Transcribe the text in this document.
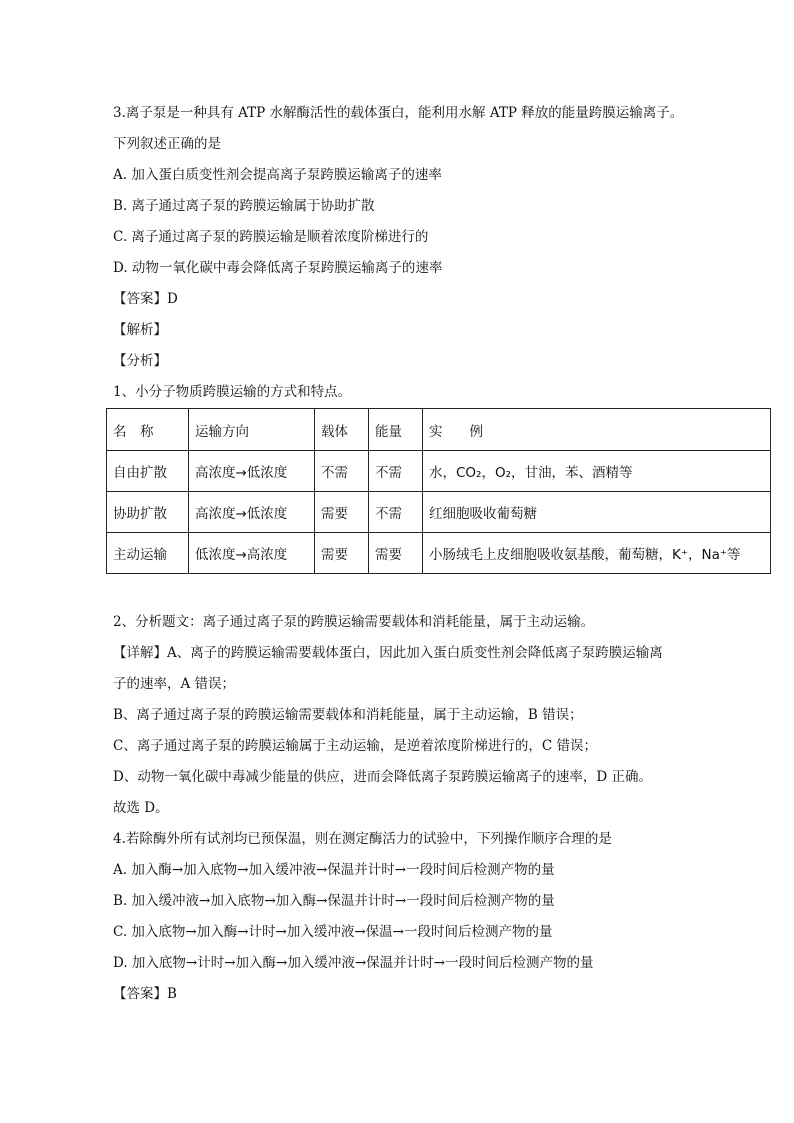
3.离子泵是一种具有 ATP 水解酶活性的载体蛋白，能利用水解 ATP 释放的能量跨膜运输离子。
下列叙述正确的是
A. 加入蛋白质变性剂会提高离子泵跨膜运输离子的速率
B. 离子通过离子泵的跨膜运输属于协助扩散
C. 离子通过离子泵的跨膜运输是顺着浓度阶梯进行的
D. 动物一氧化碳中毒会降低离子泵跨膜运输离子的速率
【答案】D
【解析】
【分析】
1、小分子物质跨膜运输的方式和特点。
名　称	运输方向	载体	能量	实　　例
自由扩散	高浓度→低浓度	不需	不需	水，CO₂，O₂，甘油，苯、酒精等
协助扩散	高浓度→低浓度	需要	不需	红细胞吸收葡萄糖
主动运输	低浓度→高浓度	需要	需要	小肠绒毛上皮细胞吸收氨基酸，葡萄糖，K⁺，Na⁺等
2、分析题文：离子通过离子泵的跨膜运输需要载体和消耗能量，属于主动运输。
【详解】A、离子的跨膜运输需要载体蛋白，因此加入蛋白质变性剂会降低离子泵跨膜运输离
子的速率，A 错误；
B、离子通过离子泵的跨膜运输需要载体和消耗能量，属于主动运输，B 错误；
C、离子通过离子泵的跨膜运输属于主动运输，是逆着浓度阶梯进行的，C 错误；
D、动物一氧化碳中毒减少能量的供应，进而会降低离子泵跨膜运输离子的速率，D 正确。
故选 D。
4.若除酶外所有试剂均已预保温，则在测定酶活力的试验中，下列操作顺序合理的是
A. 加入酶→加入底物→加入缓冲液→保温并计时→一段时间后检测产物的量
B. 加入缓冲液→加入底物→加入酶→保温并计时→一段时间后检测产物的量
C. 加入底物→加入酶→计时→加入缓冲液→保温→一段时间后检测产物的量
D. 加入底物→计时→加入酶→加入缓冲液→保温并计时→一段时间后检测产物的量
【答案】B
